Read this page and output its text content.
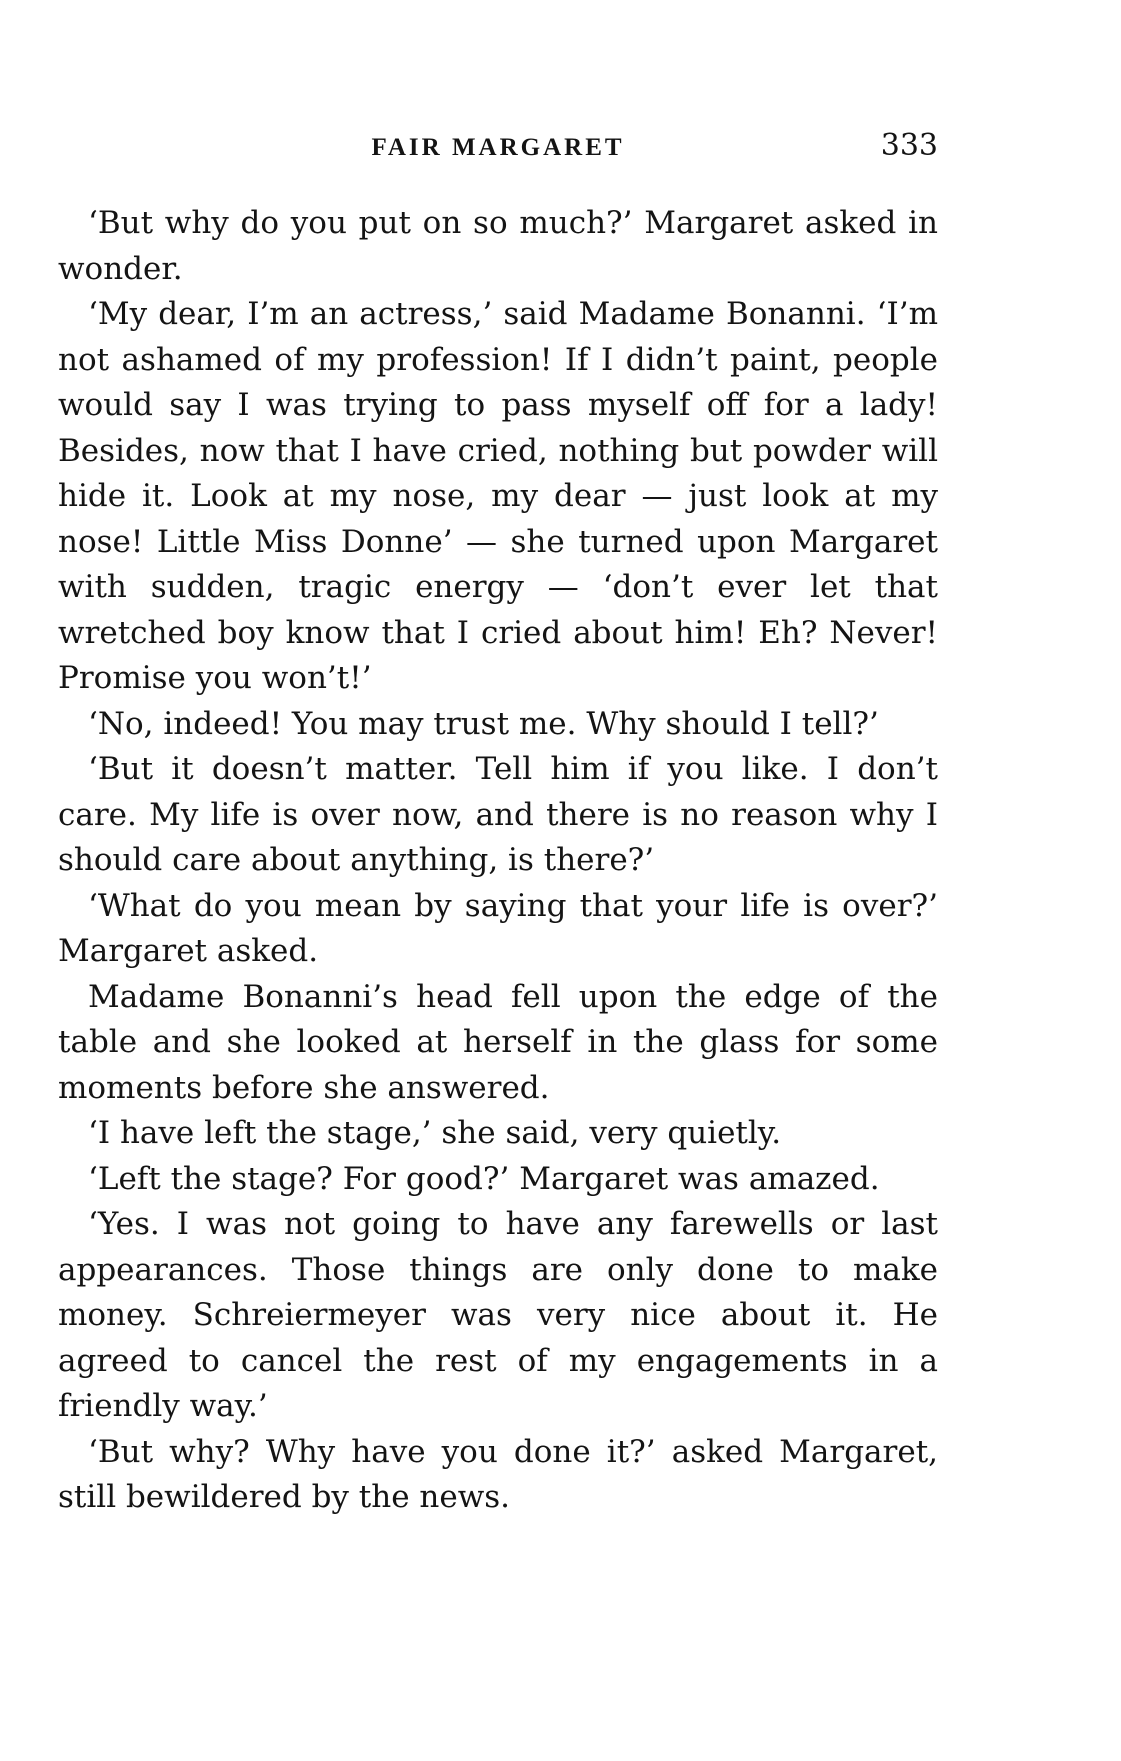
FAIR MARGARET	333

‘But why do you put on so much?’ Margaret asked in wonder.

‘My dear, I’m an actress,’ said Madame Bonanni. ‘I’m not ashamed of my profession! If I didn’t paint, people would say I was trying to pass myself off for a lady! Besides, now that I have cried, nothing but powder will hide it. Look at my nose, my dear — just look at my nose! Little Miss Donne’ — she turned upon Margaret with sudden, tragic energy — ‘don’t ever let that wretched boy know that I cried about him! Eh? Never! Promise you won’t!’

‘No, indeed! You may trust me. Why should I tell?’

‘But it doesn’t matter. Tell him if you like. I don’t care. My life is over now, and there is no reason why I should care about anything, is there?’

‘What do you mean by saying that your life is over?’ Margaret asked.

Madame Bonanni’s head fell upon the edge of the table and she looked at herself in the glass for some moments before she answered.

‘I have left the stage,’ she said, very quietly.

‘Left the stage? For good?’ Margaret was amazed.

‘Yes. I was not going to have any farewells or last appearances. Those things are only done to make money. Schreiermeyer was very nice about it. He agreed to cancel the rest of my engagements in a friendly way.’

‘But why? Why have you done it?’ asked Margaret, still bewildered by the news.
